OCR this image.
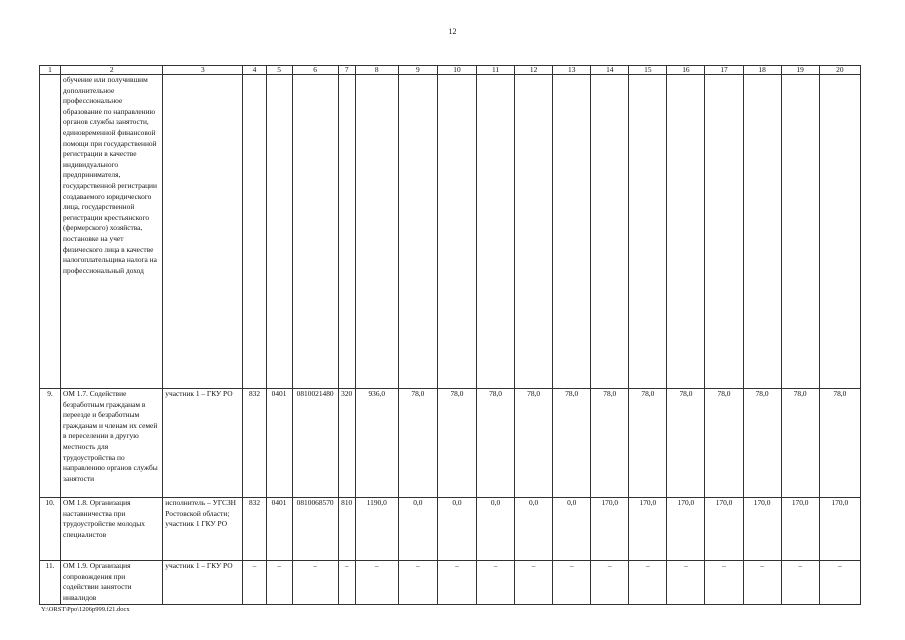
12
1	2	3	4	5	6	7	8	9	10	11	12	13	14	15	16	17	18	19	20
	обучение или получившим дополнительное профессиональное образование по направлению органов службы занятости, единовременной финансовой помощи при государственной регистрации в качестве индивидуального предпринимателя, государственной регистрации создаваемого юридического лица, государственной регистрации крестьянского (фермерского) хозяйства, постановке на учет физического лица в качестве налогоплательщика налога на профессиональный доход																		
9.	ОМ 1.7. Содействие безработным гражданам в переезде и безработным гражданам и членам их семей в переселении в другую местность для трудоустройства по направлению органов службы занятости	участник 1 – ГКУ РО	832	0401	0810021480	320	936,0	78,0	78,0	78,0	78,0	78,0	78,0	78,0	78,0	78,0	78,0	78,0	78,0
10.	ОМ 1.8. Организация наставничества при трудоустройстве молодых специалистов	исполнитель – УГСЗН Ростовской области; участник 1 ГКУ РО	832	0401	0810068570	810	1190,0	0,0	0,0	0,0	0,0	0,0	170,0	170,0	170,0	170,0	170,0	170,0	170,0
11.	ОМ 1.9. Организация сопровождения при содействии занятости инвалидов	участник 1 – ГКУ РО	–	–	–	–	–	–	–	–	–	–	–	–	–	–	–	–	–
Y:\ORST\Ppo\1206p999.f21.docx
